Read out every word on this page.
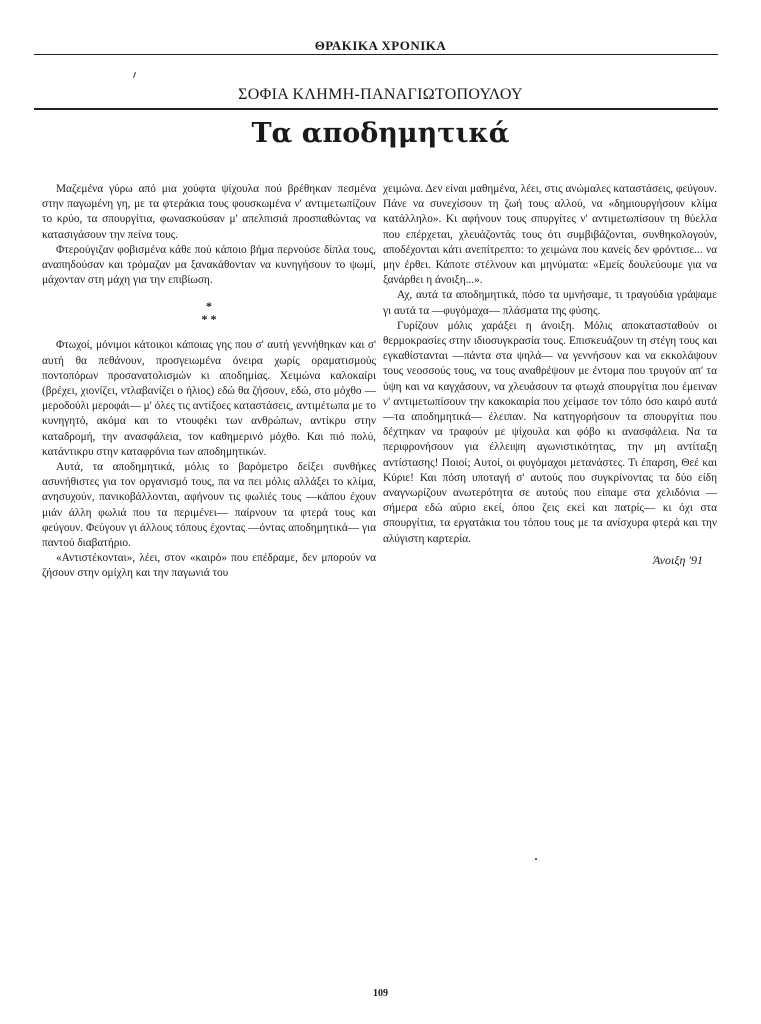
ΘΡΑΚΙΚΑ ΧΡΟΝΙΚΑ
ΣΟΦΙΑ ΚΛΗΜΗ-ΠΑΝΑΓΙΩΤΟΠΟΥΛΟΥ
Τα αποδημητικά

Μαζεμένα γύρω από μια χούφτα ψίχουλα πού βρέθηκαν πεσμένα στην παγωμένη γη, με τα φτεράκια τους φουσκωμένα ν' αντιμετωπίζουν το κρύο, τα σπουργίτια, φωνασκούσαν μ' απελπισιά προσπαθώντας να κατασιγάσουν την πείνα τους.

Φτερούγιζαν φοβισμένα κάθε πού κάποιο βήμα περνούσε δίπλα τους, αναπηδούσαν και τρόμαζαν μα ξανακάθονταν να κυνηγήσουν το ψωμί, μάχονταν στη μάχη για την επιβίωση.

*
* *

Φτωχοί, μόνιμοι κάτοικοι κάποιας γης που σ' αυτή γεννήθηκαν και σ' αυτή θα πεθάνουν, προσγειωμένα όνειρα χωρίς οραματισμούς ποντοπόρων προσανατολισμών κι αποδημίας. Χειμώνα καλοκαίρι (βρέχει, χιονίζει, ντλαβανίζει ο ήλιος) εδώ θα ζήσουν, εδώ, στο μόχθο — μεροδούλι μεροφάι— μ' όλες τις αντίξοες καταστάσεις, αντιμέτωπα με το κυνηγητό, ακόμα και το ντουφέκι των ανθρώπων, αντίκρυ στην καταδρομή, την ανασφάλεια, τον καθημερινό μόχθο. Και πιό πολύ, κατάντικρυ στην καταφρόνια των αποδημητικών.

Αυτά, τα αποδημητικά, μόλις το βαρόμετρο δείξει συνθήκες ασυνήθιστες για τον οργανισμό τους, πα να πει μόλις αλλάξει το κλίμα, ανησυχούν, πανικοβάλλονται, αφήνουν τις φωλιές τους —κάπου έχουν μιάν άλλη φωλιά που τα περιμένει— παίρνουν τα φτερά τους και φεύγουν. Φεύγουν γι άλλους τόπους έχοντας —όντας αποδημητικά— για παντού διαβατήριο.

«Αντιστέκονται», λέει, στον «καιρό» που επέδραμε, δεν μπορούν να ζήσουν στην ομίχλη και την παγωνιά του

χειμώνα. Δεν είναι μαθημένα, λέει, στις ανώμαλες καταστάσεις, φεύγουν. Πάνε να συνεχίσουν τη ζωή τους αλλού, να «δημιουργήσουν κλίμα κατάλληλο». Κι αφήνουν τους σπυργίτες ν' αντιμετωπίσουν τη θύελλα που επέρχεται, χλευάζοντάς τους ότι συμβιβάζονται, συνθηκολογούν, αποδέχονται κάτι ανεπίτρεπτο: το χειμώνα που κανείς δεν φρόντισε... να μην έρθει. Κάποτε στέλνουν και μηνύματα: «Εμείς δουλεύουμε για να ξανάρθει η άνοιξη...».

Αχ, αυτά τα αποδημητικά, πόσο τα υμνήσαμε, τι τραγούδια γράψαμε γι αυτά τα —φυγόμαχα— πλάσματα της φύσης.

Γυρίζουν μόλις χαράξει η άνοιξη. Μόλις αποκατασταθούν οι θερμοκρασίες στην ιδιοσυγκρασία τους. Επισκευάζουν τη στέγη τους και εγκαθίστανται —πάντα στα ψηλά— να γεννήσουν και να εκκολάψουν τους νεοσσούς τους, να τους αναθρέψουν με έντομα που τρυγούν απ' τα ύψη και να καγχάσουν, να χλευάσουν τα φτωχά σπουργίτια που έμειναν ν' αντιμετωπίσουν την κακοκαιρία που χείμασε τον τόπο όσο καιρό αυτά —τα αποδημητικά— έλειπαν. Να κατηγορήσουν τα σπουργίτια που δέχτηκαν να τραφούν με ψίχουλα και φόβο κι ανασφάλεια. Να τα περιφρονήσουν για έλλειψη αγωνιστικότητας, την μη αντίταξη αντίστασης! Ποιοί; Αυτοί, οι φυγόμαχοι μετανάστες. Τι έπαρση, Θεέ και Κύριε! Και πόση υποταγή σ' αυτούς που συγκρίνοντας τα δύο είδη αναγνωρίζουν ανωτερότητα σε αυτούς που είπαμε στα χελιδόνια — σήμερα εδώ αύριο εκεί, όπου ζεις εκεί και πατρίς— κι όχι στα σπουργίτια, τα εργατάκια του τόπου τους με τα ανίσχυρα φτερά και την αλύγιστη καρτερία.

Άνοιξη '91
109
